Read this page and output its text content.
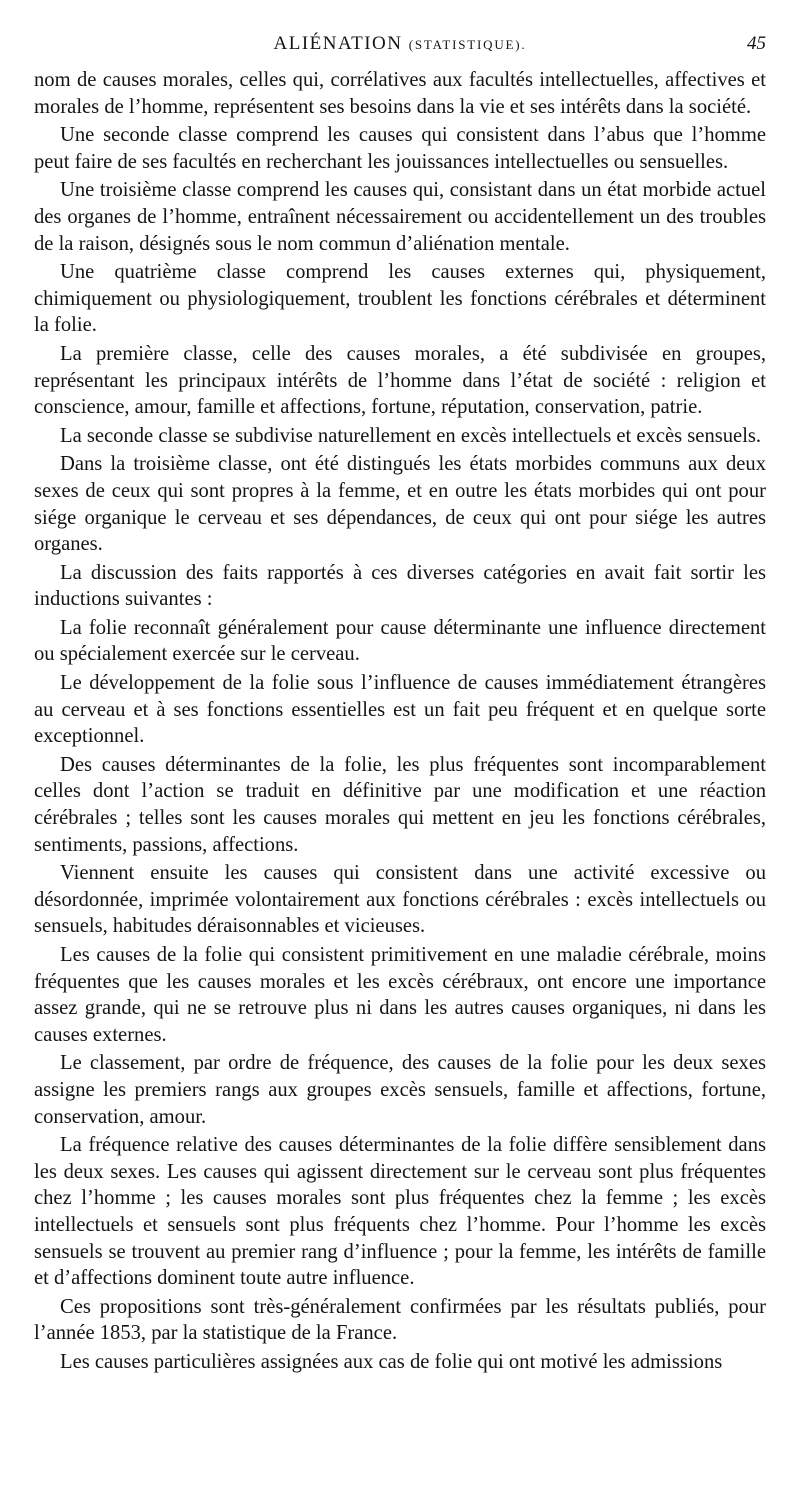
ALIÉNATION (STATISTIQUE).	45

nom de causes morales, celles qui, corrélatives aux facultés intellectuelles, affectives et morales de l’homme, représentent ses besoins dans la vie et ses intérêts dans la société.

Une seconde classe comprend les causes qui consistent dans l’abus que l’homme peut faire de ses facultés en recherchant les jouissances intellectuelles ou sensuelles.

Une troisième classe comprend les causes qui, consistant dans un état morbide actuel des organes de l’homme, entraînent nécessairement ou accidentellement un des troubles de la raison, désignés sous le nom commun d’aliénation mentale.

Une quatrième classe comprend les causes externes qui, physiquement, chimiquement ou physiologiquement, troublent les fonctions cérébrales et déterminent la folie.

La première classe, celle des causes morales, a été subdivisée en groupes, représentant les principaux intérêts de l’homme dans l’état de société : religion et conscience, amour, famille et affections, fortune, réputation, conservation, patrie.

La seconde classe se subdivise naturellement en excès intellectuels et excès sensuels.

Dans la troisième classe, ont été distingués les états morbides communs aux deux sexes de ceux qui sont propres à la femme, et en outre les états morbides qui ont pour siége organique le cerveau et ses dépendances, de ceux qui ont pour siége les autres organes.

La discussion des faits rapportés à ces diverses catégories en avait fait sortir les inductions suivantes :

La folie reconnaît généralement pour cause déterminante une influence directement ou spécialement exercée sur le cerveau.

Le développement de la folie sous l’influence de causes immédiatement étrangères au cerveau et à ses fonctions essentielles est un fait peu fréquent et en quelque sorte exceptionnel.

Des causes déterminantes de la folie, les plus fréquentes sont incomparablement celles dont l’action se traduit en définitive par une modification et une réaction cérébrales ; telles sont les causes morales qui mettent en jeu les fonctions cérébrales, sentiments, passions, affections.

Viennent ensuite les causes qui consistent dans une activité excessive ou désordonnée, imprimée volontairement aux fonctions cérébrales : excès intellectuels ou sensuels, habitudes déraisonnables et vicieuses.

Les causes de la folie qui consistent primitivement en une maladie cérébrale, moins fréquentes que les causes morales et les excès cérébraux, ont encore une importance assez grande, qui ne se retrouve plus ni dans les autres causes organiques, ni dans les causes externes.

Le classement, par ordre de fréquence, des causes de la folie pour les deux sexes assigne les premiers rangs aux groupes excès sensuels, famille et affections, fortune, conservation, amour.

La fréquence relative des causes déterminantes de la folie diffère sensiblement dans les deux sexes. Les causes qui agissent directement sur le cerveau sont plus fréquentes chez l’homme ; les causes morales sont plus fréquentes chez la femme ; les excès intellectuels et sensuels sont plus fréquents chez l’homme. Pour l’homme les excès sensuels se trouvent au premier rang d’influence ; pour la femme, les intérêts de famille et d’affections dominent toute autre influence.

Ces propositions sont très-généralement confirmées par les résultats publiés, pour l’année 1853, par la statistique de la France.

Les causes particulières assignées aux cas de folie qui ont motivé les admissions
